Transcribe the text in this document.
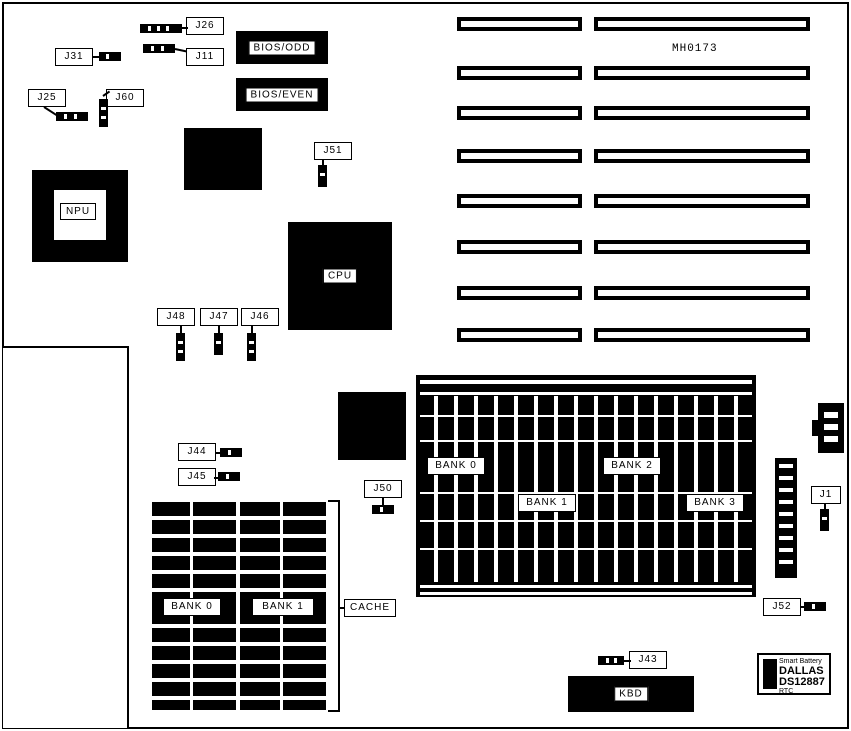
MH0173
BIOS/ODD
BIOS/EVEN
NPU
CPU
J26
J31	J11
J25	J60
J51
J48	J47	J46
J44
J45
J50
J43
J52
J1
BANK 0
BANK 1
BANK 2
BANK 3
BANK 0	BANK 1	CACHE
KBD
Smart Battery
DALLAS
DS12887
RTC
